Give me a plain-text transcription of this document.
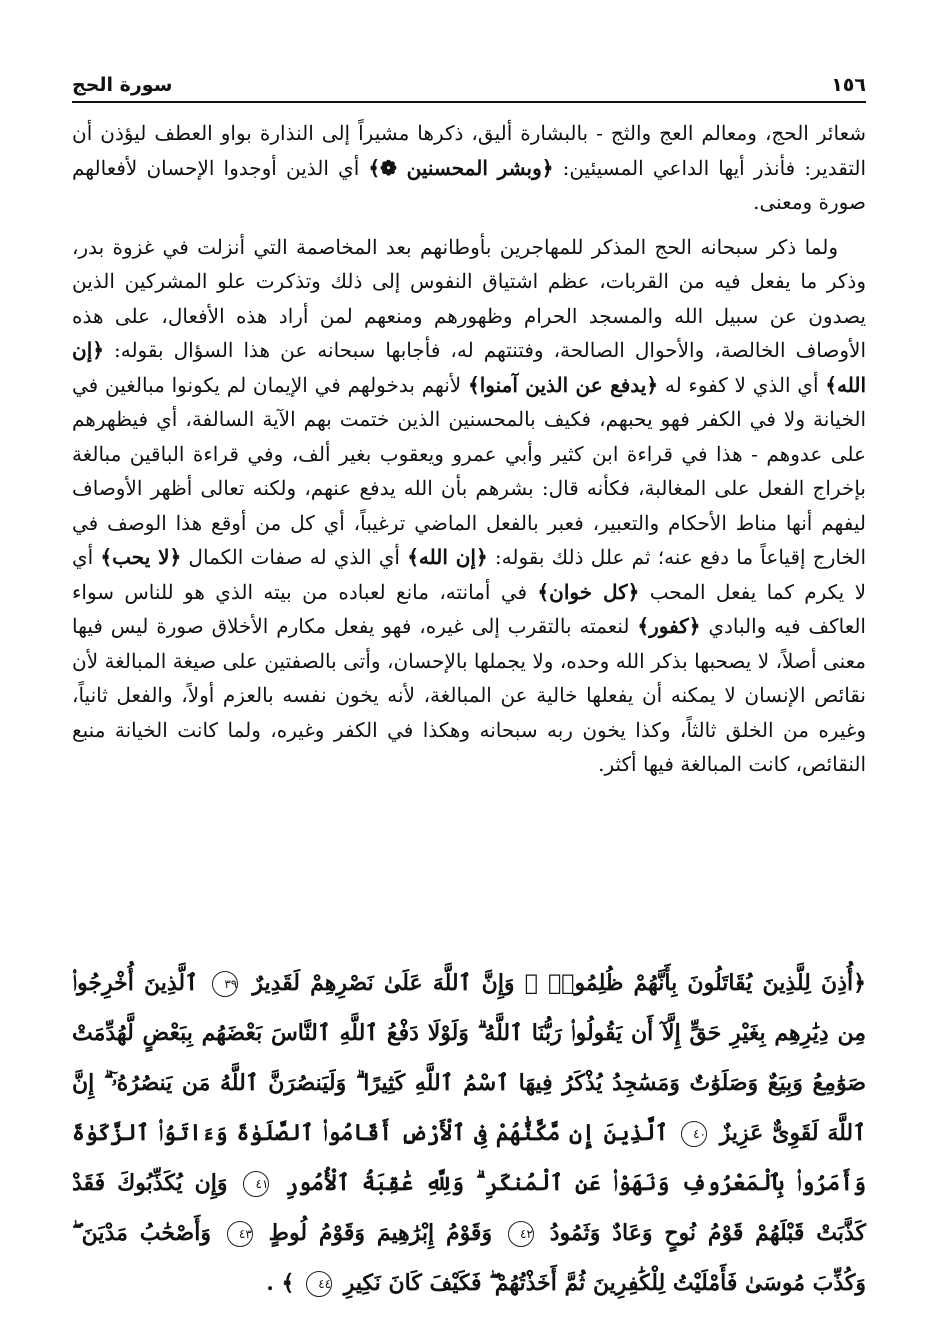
١٥٦
سورة الحج

شعائر الحج، ومعالم العج والثج - بالبشارة أليق، ذكرها مشيراً إلى النذارة بواو العطف ليؤذن أن التقدير: فأنذر أيها الداعي المسيئين: ﴿وبشر المحسنين ❁﴾ أي الذين أوجدوا الإحسان لأفعالهم صورة ومعنى.

ولما ذكر سبحانه الحج المذكر للمهاجرين بأوطانهم بعد المخاصمة التي أنزلت في غزوة بدر، وذكر ما يفعل فيه من القربات، عظم اشتياق النفوس إلى ذلك وتذكرت علو المشركين الذين يصدون عن سبيل الله والمسجد الحرام وظهورهم ومنعهم لمن أراد هذه الأفعال، على هذه الأوصاف الخالصة، والأحوال الصالحة، وفتنتهم له، فأجابها سبحانه عن هذا السؤال بقوله: ﴿إن الله﴾ أي الذي لا كفوء له ﴿يدفع عن الذين آمنوا﴾ لأنهم بدخولهم في الإيمان لم يكونوا مبالغين في الخيانة ولا في الكفر فهو يحبهم، فكيف بالمحسنين الذين ختمت بهم الآية السالفة، أي فيظهرهم على عدوهم - هذا في قراءة ابن كثير وأبي عمرو ويعقوب بغير ألف، وفي قراءة الباقين مبالغة بإخراج الفعل على المغالبة، فكأنه قال: بشرهم بأن الله يدفع عنهم، ولكنه تعالى أظهر الأوصاف ليفهم أنها مناط الأحكام والتعبير، فعبر بالفعل الماضي ترغيباً، أي كل من أوقع هذا الوصف في الخارج إقياعاً ما دفع عنه؛ ثم علل ذلك بقوله: ﴿إن الله﴾ أي الذي له صفات الكمال ﴿لا يحب﴾ أي لا يكرم كما يفعل المحب ﴿كل خوان﴾ في أمانته، مانع لعباده من بيته الذي هو للناس سواء العاكف فيه والبادي ﴿كفور﴾ لنعمته بالتقرب إلى غيره، فهو يفعل مكارم الأخلاق صورة ليس فيها معنى أصلاً، لا يصحبها بذكر الله وحده، ولا يجملها بالإحسان، وأتى بالصفتين على صيغة المبالغة لأن نقائص الإنسان لا يمكنه أن يفعلها خالية عن المبالغة، لأنه يخون نفسه بالعزم أولاً، والفعل ثانياً، وغيره من الخلق ثالثاً، وكذا يخون ربه سبحانه وهكذا في الكفر وغيره، ولما كانت الخيانة منبع النقائص، كانت المبالغة فيها أكثر.

﴿أُذِنَ لِلَّذِينَ يُقَاتَلُونَ بِأَنَّهُمْ ظُلِمُوا۟ ۚ وَإِنَّ ٱللَّهَ عَلَىٰ نَصْرِهِمْ لَقَدِيرٌ ٣٩ ٱلَّذِينَ أُخْرِجُوا۟ مِن دِيَٰرِهِم بِغَيْرِ حَقٍّ إِلَّآ أَن يَقُولُوا۟ رَبُّنَا ٱللَّهُ ۗ وَلَوْلَا دَفْعُ ٱللَّهِ ٱلنَّاسَ بَعْضَهُم بِبَعْضٍ لَّهُدِّمَتْ صَوَٰمِعُ وَبِيَعٌ وَصَلَوَٰتٌ وَمَسَٰجِدُ يُذْكَرُ فِيهَا ٱسْمُ ٱللَّهِ كَثِيرًا ۗ وَلَيَنصُرَنَّ ٱللَّهُ مَن يَنصُرُهُۥٓ ۗ إِنَّ ٱللَّهَ لَقَوِىٌّ عَزِيزٌ ٤٠ ٱلَّذِينَ إِن مَّكَّنَّٰهُمْ فِى ٱلْأَرْضِ أَقَامُوا۟ ٱلصَّلَوٰةَ وَءَاتَوُا۟ ٱلزَّكَوٰةَ وَأَمَرُوا۟ بِٱلْمَعْرُوفِ وَنَهَوْا۟ عَنِ ٱلْمُنكَرِ ۗ وَلِلَّهِ عَٰقِبَةُ ٱلْأُمُورِ ٤١ وَإِن يُكَذِّبُوكَ فَقَدْ كَذَّبَتْ قَبْلَهُمْ قَوْمُ نُوحٍ وَعَادٌ وَثَمُودُ ٤٢ وَقَوْمُ إِبْرَٰهِيمَ وَقَوْمُ لُوطٍ ٤٣ وَأَصْحَٰبُ مَدْيَنَ ۖ وَكُذِّبَ مُوسَىٰ فَأَمْلَيْتُ لِلْكَٰفِرِينَ ثُمَّ أَخَذْتُهُمْ ۖ فَكَيْفَ كَانَ نَكِيرِ ٤٤ ﴾ .
